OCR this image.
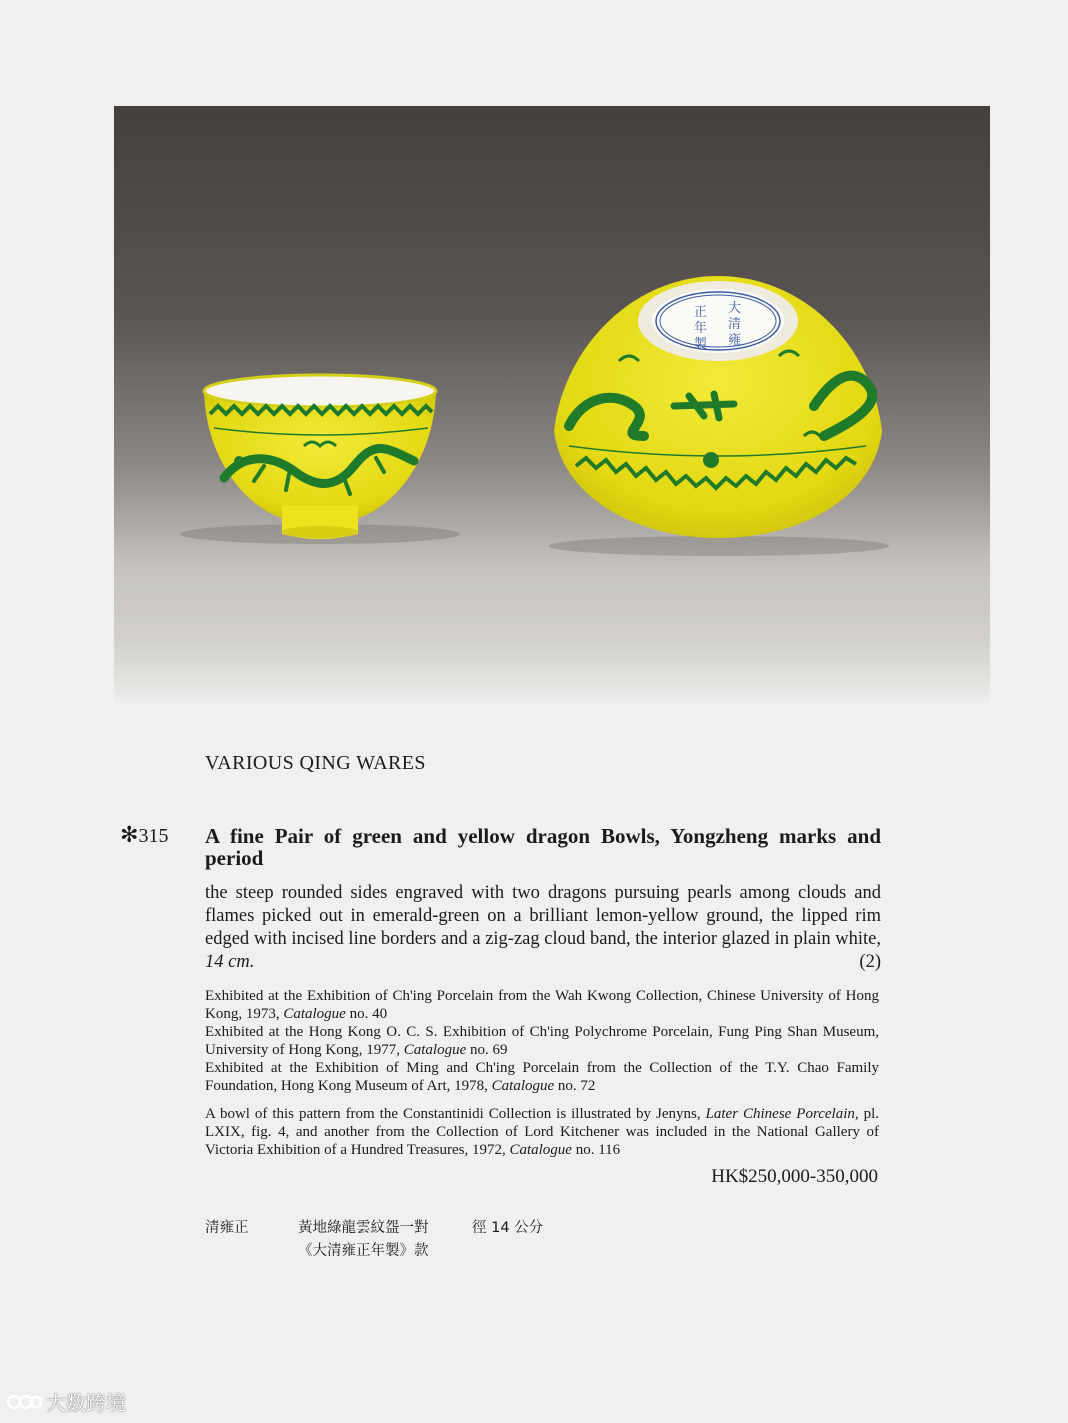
大
清
雍
正
年
製
VARIOUS QING WARES
✻315 A fine Pair of green and yellow dragon Bowls, Yongzheng marks and period
the steep rounded sides engraved with two dragons pursuing pearls among clouds and flames picked out in emerald-green on a brilliant lemon-yellow ground, the lipped rim edged with incised line borders and a zig-zag cloud band, the interior glazed in plain white, 14 cm.	(2)

Exhibited at the Exhibition of Ch'ing Porcelain from the Wah Kwong Collection, Chinese University of Hong Kong, 1973, Catalogue no. 40

Exhibited at the Hong Kong O. C. S. Exhibition of Ch'ing Polychrome Porcelain, Fung Ping Shan Museum, University of Hong Kong, 1977, Catalogue no. 69

Exhibited at the Exhibition of Ming and Ch'ing Porcelain from the Collection of the T.Y. Chao Family Foundation, Hong Kong Museum of Art, 1978, Catalogue no. 72

A bowl of this pattern from the Constantinidi Collection is illustrated by Jenyns, Later Chinese Porcelain, pl. LXIX, fig. 4, and another from the Collection of Lord Kitchener was included in the National Gallery of Victoria Exhibition of a Hundred Treasures, 1972, Catalogue no. 116

HK$250,000-350,000
清雍正	黃地綠龍雲紋盌一對
《大清雍正年製》款
徑 14 公分
大数跨境
